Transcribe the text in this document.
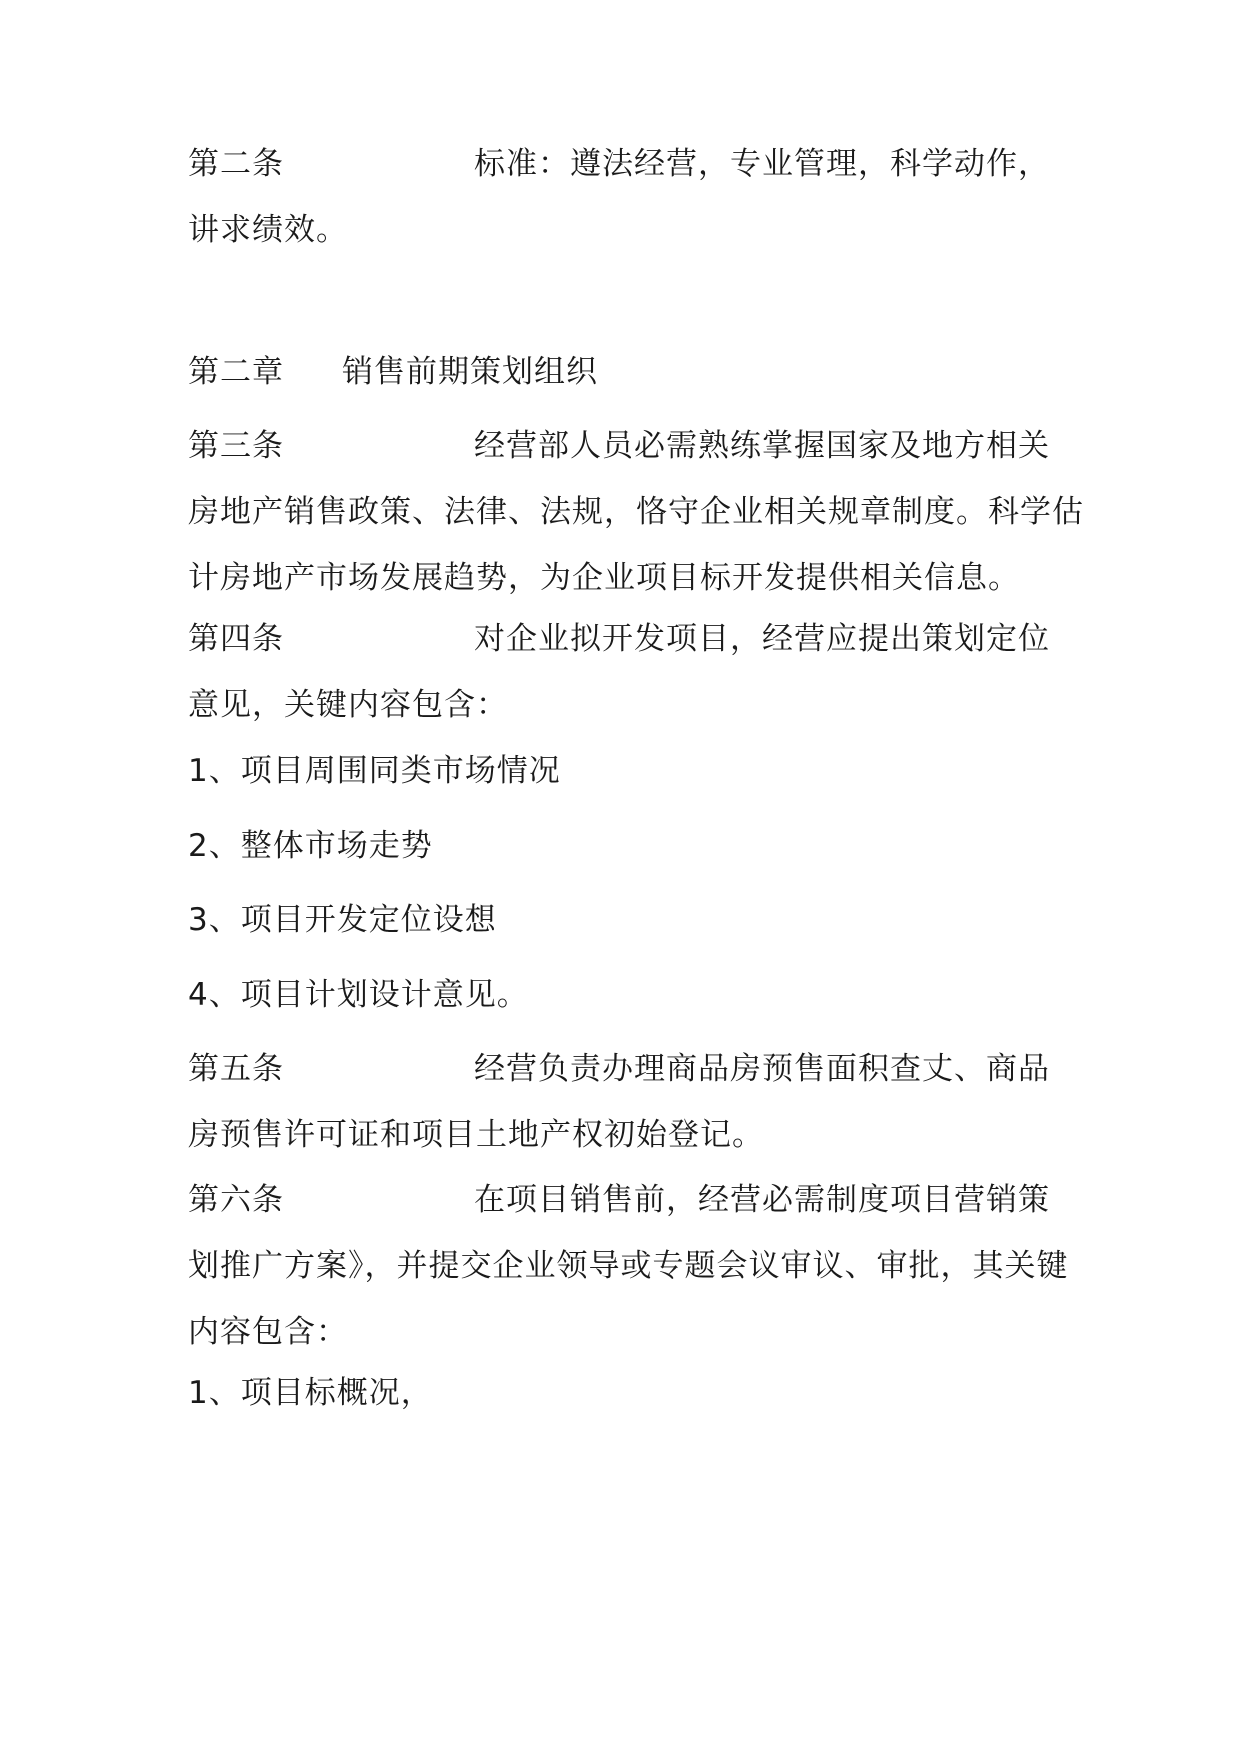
第二条	标准：遵法经营，专业管理，科学动作，
讲求绩效。
第二章 销售前期策划组织
第三条	经营部人员必需熟练掌握国家及地方相关
房地产销售政策、法律、法规，恪守企业相关规章制度。科学估计房地产市场发展趋势，为企业项目标开发提供相关信息。
第四条	对企业拟开发项目，经营应提出策划定位
意见，关键内容包含：
1、项目周围同类市场情况
2、整体市场走势
3、项目开发定位设想
4、项目计划设计意见。
第五条	经营负责办理商品房预售面积查丈、商品
房预售许可证和项目土地产权初始登记。
第六条	在项目销售前，经营必需制度项目营销策
划推广方案》，并提交企业领导或专题会议审议、审批，其关键内容包含：
1、项目标概况，
